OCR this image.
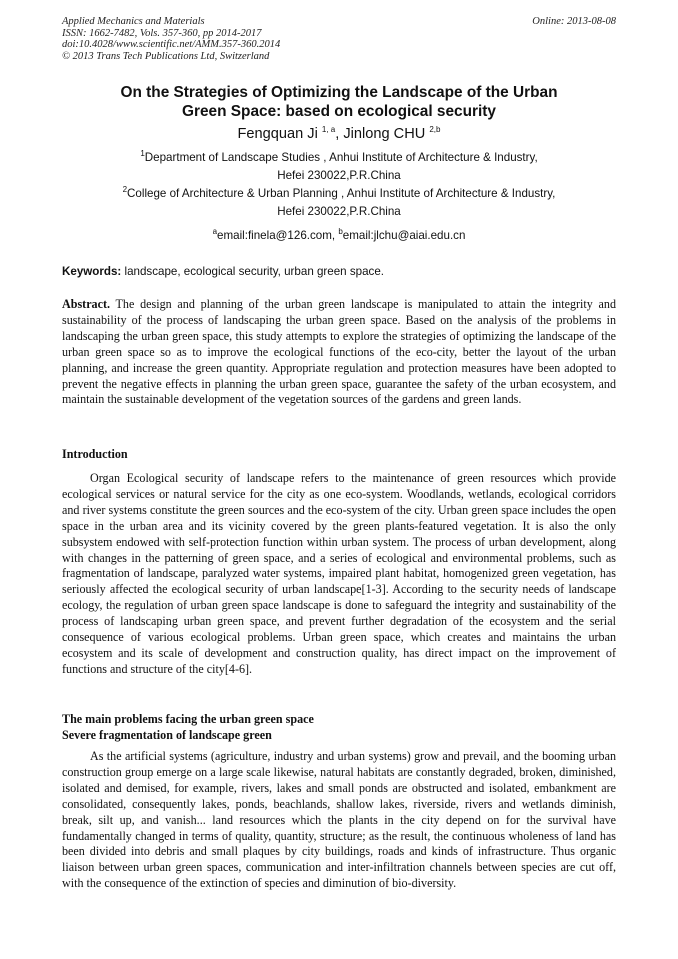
Applied Mechanics and Materials
ISSN: 1662-7482, Vols. 357-360, pp 2014-2017
doi:10.4028/www.scientific.net/AMM.357-360.2014
© 2013 Trans Tech Publications Ltd, Switzerland
Online: 2013-08-08
On the Strategies of Optimizing the Landscape of the Urban
Green Space: based on ecological security
Fengquan Ji $^{1, a}$, Jinlong CHU $^{2,b}$
$^1$Department of Landscape Studies , Anhui Institute of Architecture & Industry,
Hefei 230022,P.R.China
$^2$College of Architecture & Urban Planning , Anhui Institute of Architecture & Industry,
Hefei 230022,P.R.China
$^a$email:finela@126.com, $^b$email:jlchu@aiai.edu.cn
Keywords: landscape, ecological security, urban green space.
Abstract. The design and planning of the urban green landscape is manipulated to attain the integrity and sustainability of the process of landscaping the urban green space. Based on the analysis of the problems in landscaping the urban green space, this study attempts to explore the strategies of optimizing the landscape of the urban green space so as to improve the ecological functions of the eco-city, better the layout of the urban planning, and increase the green quantity. Appropriate regulation and protection measures have been adopted to prevent the negative effects in planning the urban green space, guarantee the safety of the urban ecosystem, and maintain the sustainable development of the vegetation sources of the gardens and green lands.
Introduction
Organ Ecological security of landscape refers to the maintenance of green resources which provide ecological services or natural service for the city as one eco-system. Woodlands, wetlands, ecological corridors and river systems constitute the green sources and the eco-system of the city. Urban green space includes the open space in the urban area and its vicinity covered by the green plants-featured vegetation. It is also the only subsystem endowed with self-protection function within urban system. The process of urban development, along with changes in the patterning of green space, and a series of ecological and environmental problems, such as fragmentation of landscape, paralyzed water systems, impaired plant habitat, homogenized green vegetation, has seriously affected the ecological security of urban landscape[1-3]. According to the security needs of landscape ecology, the regulation of urban green space landscape is done to safeguard the integrity and sustainability of the process of landscaping urban green space, and prevent further degradation of the ecosystem and the serial consequence of various ecological problems. Urban green space, which creates and maintains the urban ecosystem and its scale of development and construction quality, has direct impact on the improvement of functions and structure of the city[4-6].
The main problems facing the urban green space
Severe fragmentation of landscape green
As the artificial systems (agriculture, industry and urban systems) grow and prevail, and the booming urban construction group emerge on a large scale likewise, natural habitats are constantly degraded, broken, diminished, isolated and demised, for example, rivers, lakes and small ponds are obstructed and isolated, embankment are consolidated, consequently lakes, ponds, beachlands, shallow lakes, riverside, rivers and wetlands diminish, break, silt up, and vanish... land resources which the plants in the city depend on for the survival have fundamentally changed in terms of quality, quantity, structure; as the result, the continuous wholeness of land has been divided into debris and small plaques by city buildings, roads and kinds of infrastructure. Thus organic liaison between urban green spaces, communication and inter-infiltration channels between species are cut off, with the consequence of the extinction of species and diminution of bio-diversity.
